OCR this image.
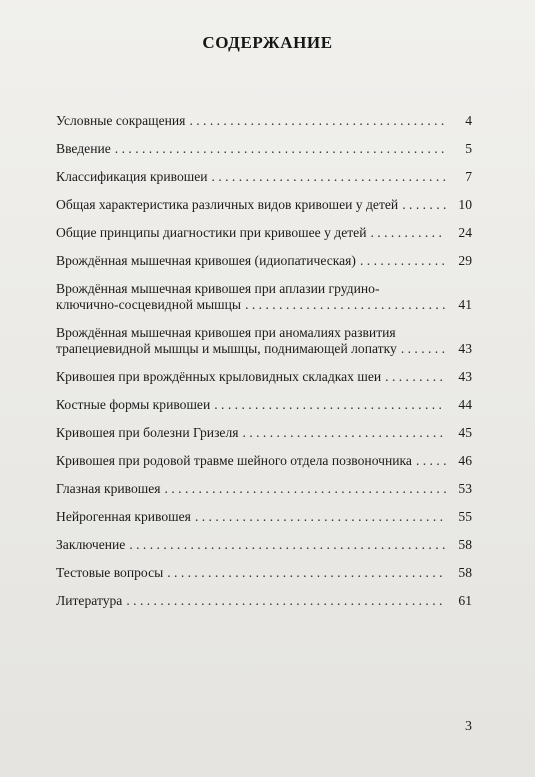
СОДЕРЖАНИЕ
Условные сокращения . . .	4
Введение . . .	5
Классификация кривошеи . . .	7
Общая характеристика различных видов кривошеи у детей . . .	10
Общие принципы диагностики при кривошее у детей . . .	24
Врождённая мышечная кривошея (идиопатическая) . . .	29
Врождённая мышечная кривошея при аплазии грудино-
ключично-сосцевидной мышцы . . .	41
Врождённая мышечная кривошея при аномалиях развития
трапециевидной мышцы и мышцы, поднимающей лопатку . . .	43
Кривошея при врождённых крыловидных складках шеи . . .	43
Костные формы кривошеи . . .	44
Кривошея при болезни Гризеля . . .	45
Кривошея при родовой травме шейного отдела позвоночника . . .	46
Глазная кривошея . . .	53
Нейрогенная кривошея . . .	55
Заключение . . .	58
Тестовые вопросы . . .	58
Литература . . .	61
3
